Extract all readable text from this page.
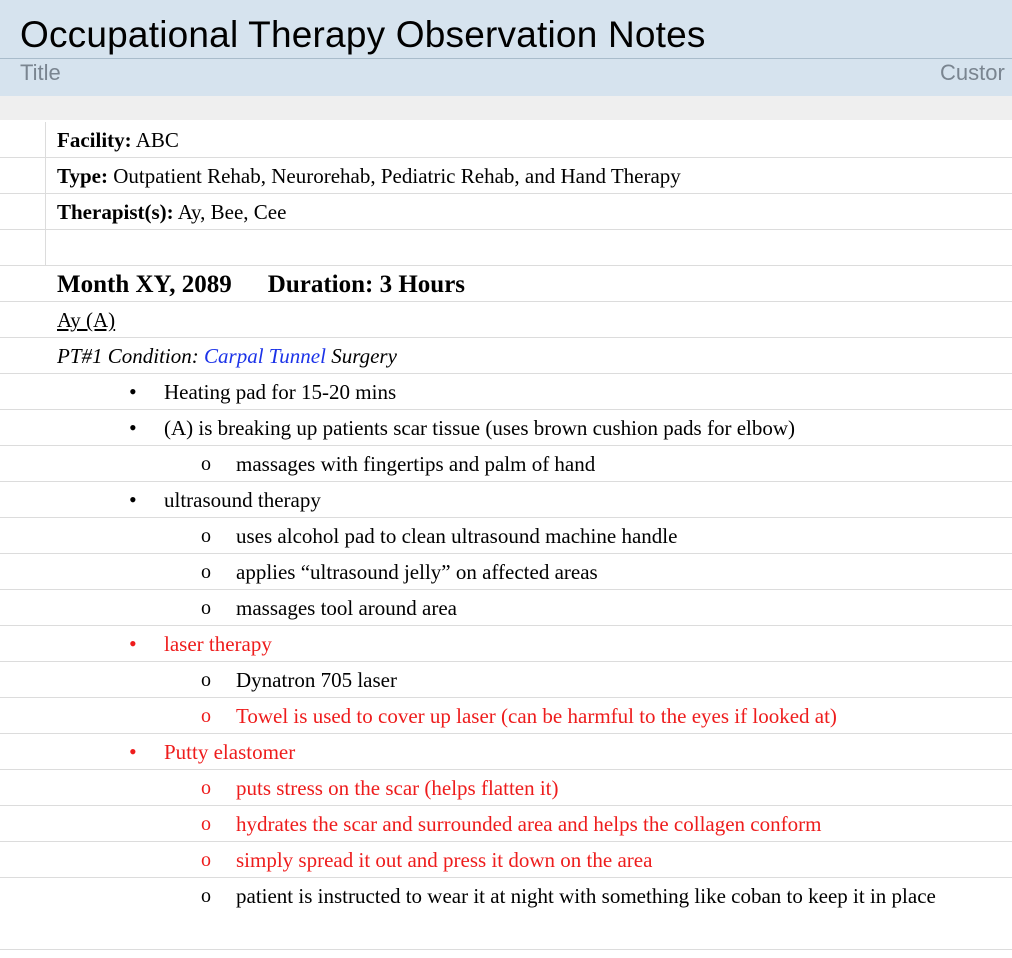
Occupational Therapy Observation Notes
Title	Custor
Facility: ABC
Type: Outpatient Rehab, Neurorehab, Pediatric Rehab, and Hand Therapy
Therapist(s): Ay, Bee, Cee
Month XY, 2089 Duration: 3 Hours
Ay (A)
PT#1 Condition: Carpal Tunnel Surgery
• Heating pad for 15-20 mins
• (A) is breaking up patients scar tissue (uses brown cushion pads for elbow)
o massages with fingertips and palm of hand
• ultrasound therapy
o uses alcohol pad to clean ultrasound machine handle
o applies “ultrasound jelly” on affected areas
o massages tool around area
• laser therapy
o Dynatron 705 laser
o Towel is used to cover up laser (can be harmful to the eyes if looked at)
• Putty elastomer
o puts stress on the scar (helps flatten it)
o hydrates the scar and surrounded area and helps the collagen conform
o simply spread it out and press it down on the area
o patient is instructed to wear it at night with something like coban to keep it in place
